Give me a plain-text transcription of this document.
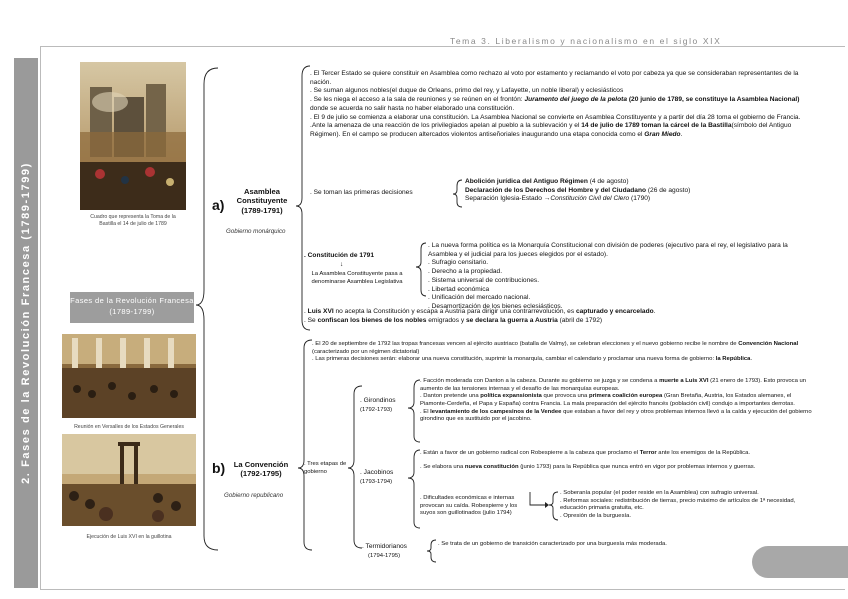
Tema 3. Liberalismo y nacionalismo en el siglo XIX
2. Fases de la Revolución Francesa (1789-1799)	Cuadro que representa la Toma de la Bastilla el 14 de julio de 1789
Fases de la Revolución Francesa (1789-1799)
Reunión en Versalles de los Estados Generales
Ejecución de Luis XVI en la guillotina
a)
Asamblea Constituyente (1789-1791)
Gobierno monárquico
. El Tercer Estado se quiere constituir en Asamblea como rechazo al voto por estamento y reclamando el voto por cabeza ya que se consideraban representantes de la nación.
. Se suman algunos nobles(el duque de Orleans, primo del rey, y Lafayette, un noble liberal) y eclesiásticos
. Se les niega el acceso a la sala de reuniones y se reúnen en el frontón: Juramento del juego de la pelota (20 junio de 1789, se constituye la Asamblea Nacional) donde se acuerda no salir hasta no haber elaborado una constitución.
. El 9 de julio se comienza a elaborar una constitución. La Asamblea Nacional se convierte en Asamblea Constituyente y a partir del día 28 toma el gobierno de Francia.
.Ante la amenaza de una reacción de los privilegiados apelan al pueblo a la sublevación y el 14 de julio de 1789 toman la cárcel de la Bastilla(símbolo del Antiguo Régimen). En el campo se producen altercados violentos antiseñoriales inaugurando una etapa conocida como el Gran Miedo.
. Se toman las primeras decisiones
Abolición jurídica del Antiguo Régimen (4 de agosto)
Declaración de los Derechos del Hombre y del Ciudadano (26 de agosto)
Separación Iglesia-Estado →Constitución Civil del Clero (1790)
. Constitución de 1791
↓
La Asamblea Constituyente pasa a denominarse Asamblea Legislativa
. La nueva forma política es la Monarquía Constitucional con división de poderes (ejecutivo para el rey, el legislativo para la Asamblea y el judicial para los jueces elegidos por el estado).
. Sufragio censitario.
. Derecho a la propiedad.
. Sistema universal de contribuciones.
. Libertad económica
. Unificación del mercado nacional.
. Desamortización de los bienes eclesiásticos.
. Luis XVI no acepta la Constitución y escapa a Austria para dirigir una contrarrevolución, es capturado y encarcelado.
. Se confiscan los bienes de los nobles emigrados y se declara la guerra a Austria (abril de 1792)
b)	La Convención (1792-1795)
Gobierno republicano
. El 20 de septiembre de 1792 las tropas francesas vencen al ejército austriaco (batalla de Valmy), se celebran elecciones y el nuevo gobierno recibe le nombre de Convención Nacional (caracterizado por un régimen dictatorial)
. Las primeras decisiones serán: elaborar una nueva constitución, suprimir la monarquía, cambiar el calendario y proclamar una nueva forma de gobierno: la República.
. Tres etapas de gobierno
. Girondinos
(1792-1793)
. Facción moderada con Danton a la cabeza. Durante su gobierno se juzga y se condena a muerte a Luis XVI (21 enero de 1793). Esto provoca un aumento de las tensiones internas y el desafío de las monarquías europeas.
. Danton pretende una política expansionista que provoca una primera coalición europea (Gran Bretaña, Austria, los Estados alemanes, el Piamonte-Cerdeña, el Papa y España) contra Francia. La mala preparación del ejército francés (población civil) condujo a importantes derrotas.
. El levantamiento de los campesinos de la Vendee que estaban a favor del rey y otros problemas internos llevó a la caída y ejecución del gobierno girondino que es sustituido por el jacobino.
. Jacobinos
(1793-1794)
. Están a favor de un gobierno radical con Robespierre a la cabeza que proclamo el Terror ante los enemigos de la República.
. Se elabora una nueva constitución (junio 1793) para la República que nunca entró en vigor por problemas internos y guerras.
. Dificultades económicas e internas provocan su caída. Robespierre y los suyos son guillotinados (julio 1794)
. Soberanía popular (el poder reside en la Asamblea) con sufragio universal.
. Reformas sociales: redistribución de tierras, precio máximo de artículos de 1ª necesidad, educación primaria gratuita, etc.
. Opresión de la burguesía.
. Termidorianos
(1794-1795)
. Se trata de un gobierno de transición caracterizado por una burguesía más moderada.
